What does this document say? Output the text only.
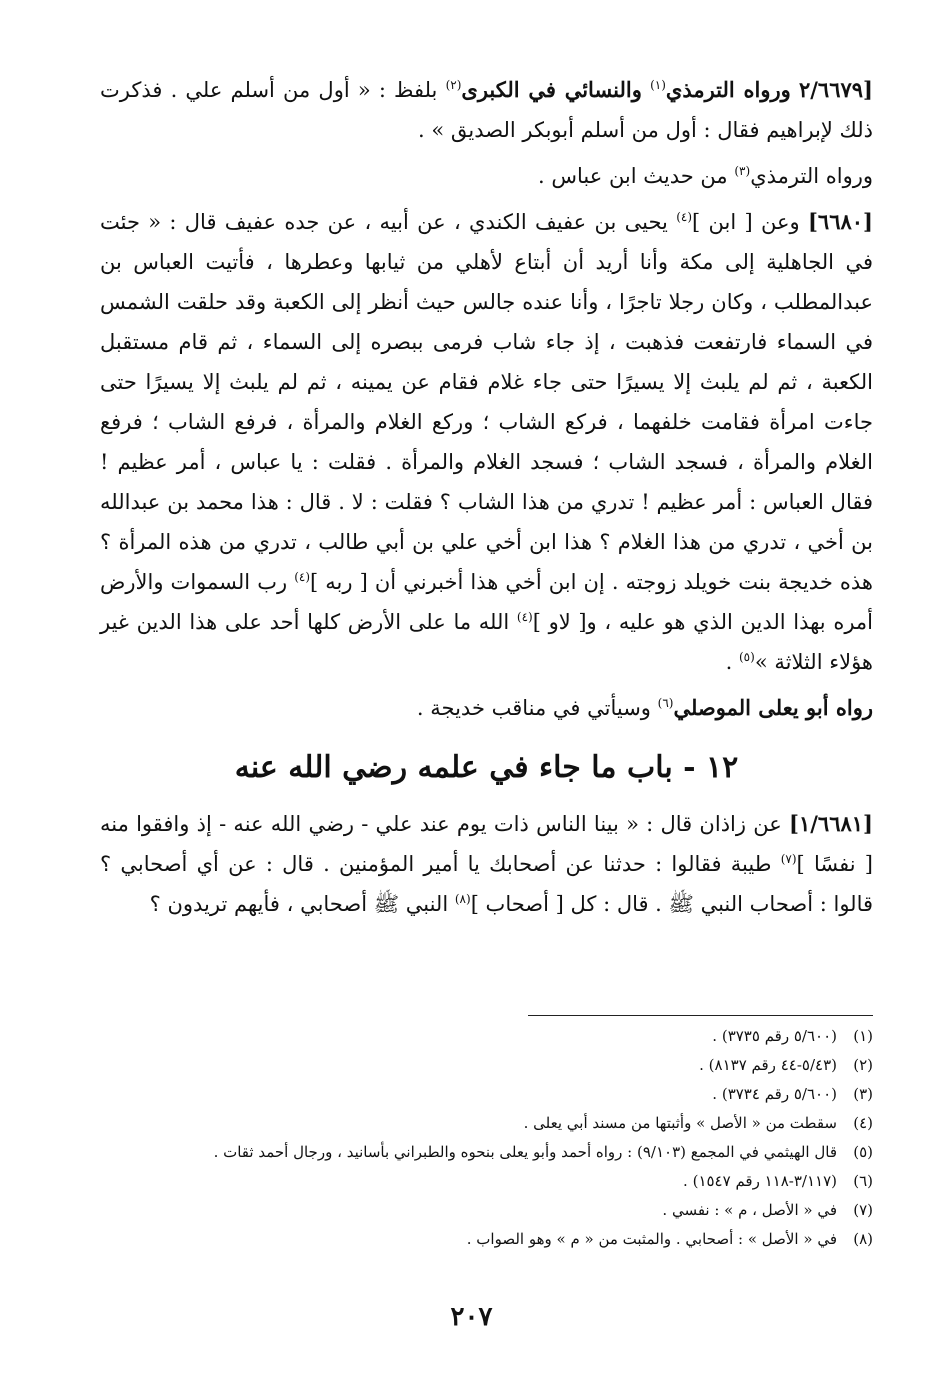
[٢/٦٦٧٩ ورواه الترمذي$^{(١)}$ والنسائي في الكبرى$^{(٢)}$ بلفظ : « أول من أسلم علي . فذكرت ذلك لإبراهيم فقال : أول من أسلم أبوبكر الصديق » .

ورواه الترمذي$^{(٣)}$ من حديث ابن عباس .

[٦٦٨٠] وعن [ ابن ]$^{(٤)}$ يحيى بن عفيف الكندي ، عن أبيه ، عن جده عفيف قال : « جئت في الجاهلية إلى مكة وأنا أريد أن أبتاع لأهلي من ثيابها وعطرها ، فأتيت العباس بن عبدالمطلب ، وكان رجلا تاجرًا ، وأنا عنده جالس حيث أنظر إلى الكعبة وقد حلقت الشمس في السماء فارتفعت فذهبت ، إذ جاء شاب فرمى ببصره إلى السماء ، ثم قام مستقبل الكعبة ، ثم لم يلبث إلا يسيرًا حتى جاء غلام فقام عن يمينه ، ثم لم يلبث إلا يسيرًا حتى جاءت امرأة فقامت خلفهما ، فركع الشاب ؛ وركع الغلام والمرأة ، فرفع الشاب ؛ فرفع الغلام والمرأة ، فسجد الشاب ؛ فسجد الغلام والمرأة . فقلت : يا عباس ، أمر عظيم ! فقال العباس : أمر عظيم ! تدري من هذا الشاب ؟ فقلت : لا . قال : هذا محمد بن عبدالله بن أخي ، تدري من هذا الغلام ؟ هذا ابن أخي علي بن أبي طالب ، تدري من هذه المرأة ؟ هذه خديجة بنت خويلد زوجته . إن ابن أخي هذا أخبرني أن [ ربه ]$^{(٤)}$ رب السموات والأرض أمره بهذا الدين الذي هو عليه ، و[ لاو ]$^{(٤)}$ الله ما على الأرض كلها أحد على هذا الدين غير هؤلاء الثلاثة »$^{(٥)}$ .

رواه أبو يعلى الموصلي$^{(٦)}$ وسيأتي في مناقب خديجة .

١٢ - باب ما جاء في علمه رضي الله عنه

[١/٦٦٨١] عن زاذان قال : « بينا الناس ذات يوم عند علي - رضي الله عنه - إذ وافقوا منه [ نفسًا ]$^{(٧)}$ طيبة فقالوا : حدثنا عن أصحابك يا أمير المؤمنين . قال : عن أي أصحابي ؟ قالوا : أصحاب النبي ﷺ . قال : كل [ أصحاب ]$^{(٨)}$ النبي ﷺ أصحابي ، فأيهم تريدون ؟

(١)
(٥/٦٠٠ رقم ٣٧٣٥) .
(٢)
(٥/٤٣-٤٤ رقم ٨١٣٧) .
(٣)
(٥/٦٠٠ رقم ٣٧٣٤) .
(٤)
سقطت من « الأصل » وأثبتها من مسند أبي يعلى .
(٥)
قال الهيثمي في المجمع (٩/١٠٣) : رواه أحمد وأبو يعلى بنحوه والطبراني بأسانيد ، ورجال أحمد ثقات .
(٦)
(٣/١١٧-١١٨ رقم ١٥٤٧) .
(٧)
في « الأصل ، م » : نفسي .
(٨)
في « الأصل » : أصحابي . والمثبت من « م » وهو الصواب .
٢٠٧
